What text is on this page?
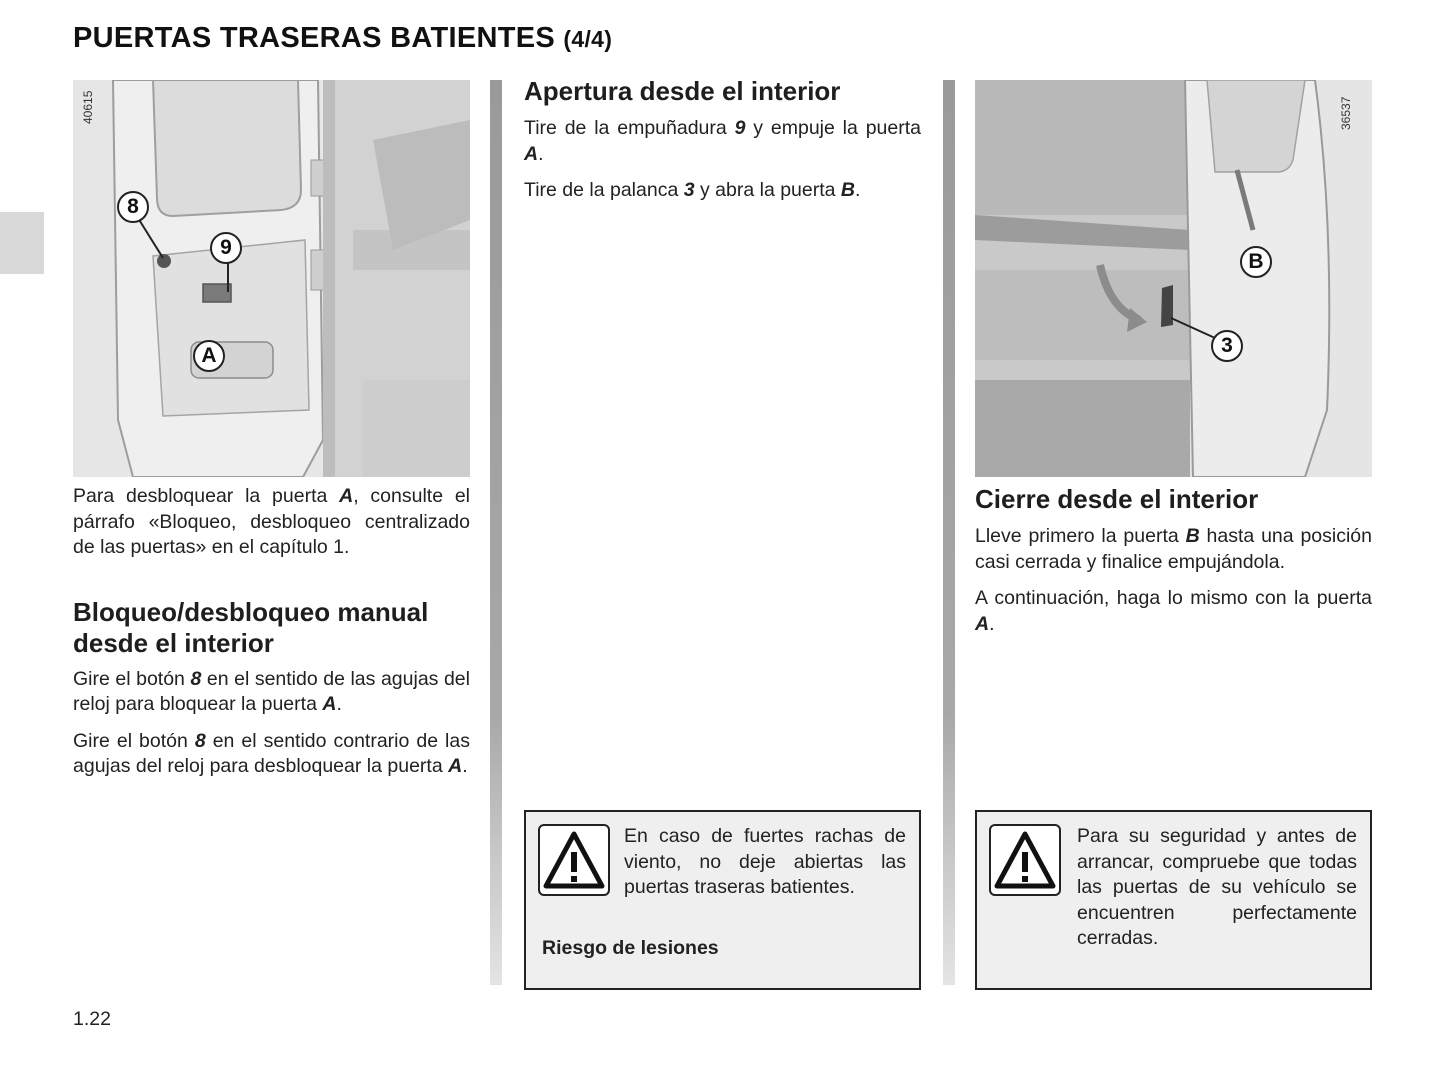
PUERTAS TRASERAS BATIENTES (4/4)
40615
8
9
A

Para desbloquear la puerta A, consulte el párrafo «Bloqueo, desbloqueo centralizado de las puertas» en el capítulo 1.

Bloqueo/desbloqueo manual desde el interior

Gire el botón 8 en el sentido de las agujas del reloj para bloquear la puerta A.

Gire el botón 8 en el sentido contrario de las agujas del reloj para desbloquear la puerta A.

Apertura desde el interior

Tire de la empuñadura 9 y empuje la puerta A.

Tire de la palanca 3 y abra la puerta B.

En caso de fuertes rachas de viento, no deje abiertas las puertas traseras batientes.

Riesgo de lesiones

36537
B
3
Cierre desde el interior

Lleve primero la puerta B hasta una posición casi cerrada y finalice empujándola.

A continuación, haga lo mismo con la puerta A.

Para su seguridad y antes de arrancar, compruebe que todas las puertas de su vehículo se encuentren perfectamente cerradas.

1.22
